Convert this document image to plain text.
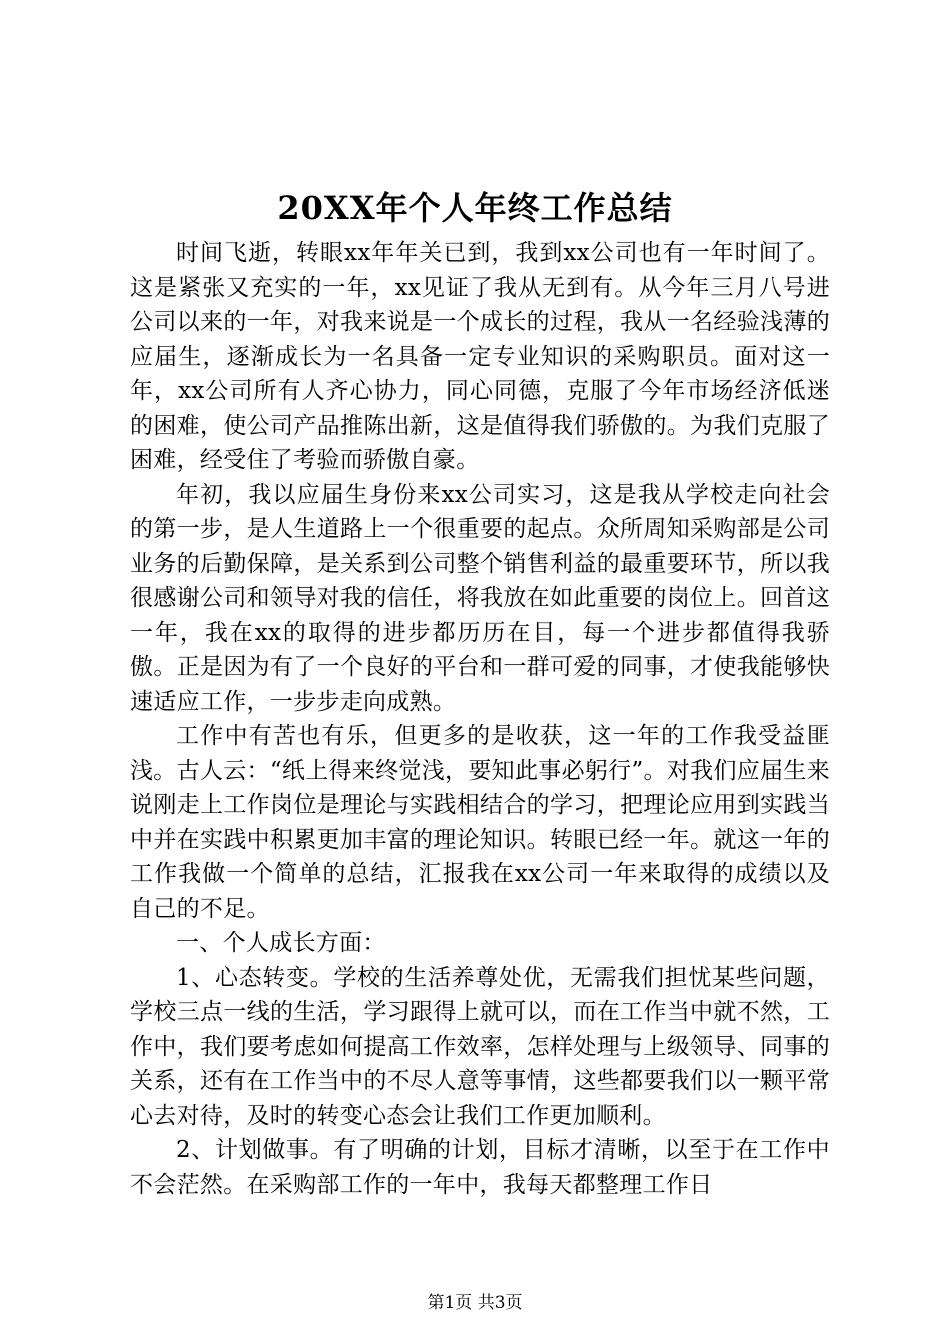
20XX年个人年终工作总结

时间飞逝，转眼xx年年关已到，我到xx公司也有一年时间了。这是紧张又充实的一年，xx见证了我从无到有。从今年三月八号进公司以来的一年，对我来说是一个成长的过程，我从一名经验浅薄的应届生，逐渐成长为一名具备一定专业知识的采购职员。面对这一年，xx公司所有人齐心协力，同心同德，克服了今年市场经济低迷的困难，使公司产品推陈出新，这是值得我们骄傲的。为我们克服了困难，经受住了考验而骄傲自豪。

年初，我以应届生身份来xx公司实习，这是我从学校走向社会的第一步，是人生道路上一个很重要的起点。众所周知采购部是公司业务的后勤保障，是关系到公司整个销售利益的最重要环节，所以我很感谢公司和领导对我的信任，将我放在如此重要的岗位上。回首这一年，我在xx的取得的进步都历历在目，每一个进步都值得我骄傲。正是因为有了一个良好的平台和一群可爱的同事，才使我能够快速适应工作，一步步走向成熟。

工作中有苦也有乐，但更多的是收获，这一年的工作我受益匪浅。古人云：“纸上得来终觉浅，要知此事必躬行”。对我们应届生来说刚走上工作岗位是理论与实践相结合的学习，把理论应用到实践当中并在实践中积累更加丰富的理论知识。转眼已经一年。就这一年的工作我做一个简单的总结，汇报我在xx公司一年来取得的成绩以及自己的不足。

一、个人成长方面：

1、心态转变。学校的生活养尊处优，无需我们担忧某些问题，学校三点一线的生活，学习跟得上就可以，而在工作当中就不然，工作中，我们要考虑如何提高工作效率，怎样处理与上级领导、同事的关系，还有在工作当中的不尽人意等事情，这些都要我们以一颗平常心去对待，及时的转变心态会让我们工作更加顺利。

2、计划做事。有了明确的计划，目标才清晰，以至于在工作中不会茫然。在采购部工作的一年中，我每天都整理工作日

第1页 共3页
